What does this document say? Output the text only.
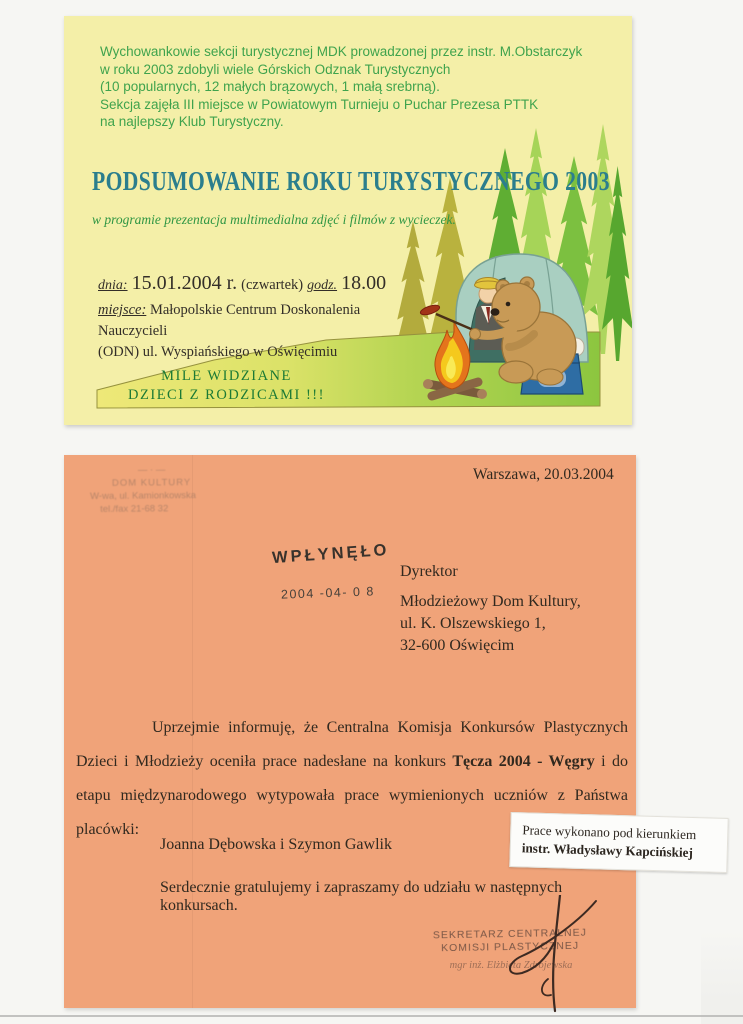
Wychowankowie sekcji turystycznej MDK prowadzonej przez instr. M.Obstarczyk
w roku 2003 zdobyli wiele Górskich Odznak Turystycznych
(10 popularnych, 12 małych brązowych, 1 małą srebrną).
Sekcja zajęła III miejsce w Powiatowym Turnieju o Puchar Prezesa PTTK
na najlepszy Klub Turystyczny.
PODSUMOWANIE ROKU TURYSTYCZNEGO 2003
w programie prezentacja multimedialna zdjęć i filmów z wycieczek.
dnia: 15.01.2004 r. (czwartek) godz. 18.00
miejsce: Małopolskie Centrum Doskonalenia Nauczycieli
(ODN) ul. Wyspiańskiego w Oświęcimiu
MILE WIDZIANE
DZIECI Z RODZICAMI !!!
— · —
DOM KULTURY
W-wa, ul. Kamionkowska
tel./fax 21-68 32
Warszawa, 20.03.2004
WPŁYNĘŁO
2004 -04- 0 8
Dyrektor
Młodzieżowy Dom Kultury,
ul. K. Olszewskiego 1,
32-600 Oświęcim
Uprzejmie informuję, że Centralna Komisja Konkursów Plastycznych Dzieci i Młodzieży oceniła prace nadesłane na konkurs Tęcza 2004 - Węgry i do etapu międzynarodowego wytypowała prace wymienionych uczniów z Państwa placówki:
Joanna Dębowska i Szymon Gawlik
Serdecznie gratulujemy i zapraszamy do udziału w następnych konkursach.
SEKRETARZ CENTRALNEJ
KOMISJI PLASTYCZNEJ
mgr inż. Elżbieta Zdrojewska
Prace wykonano pod kierunkiem
instr. Władysławy Kapcińskiej
